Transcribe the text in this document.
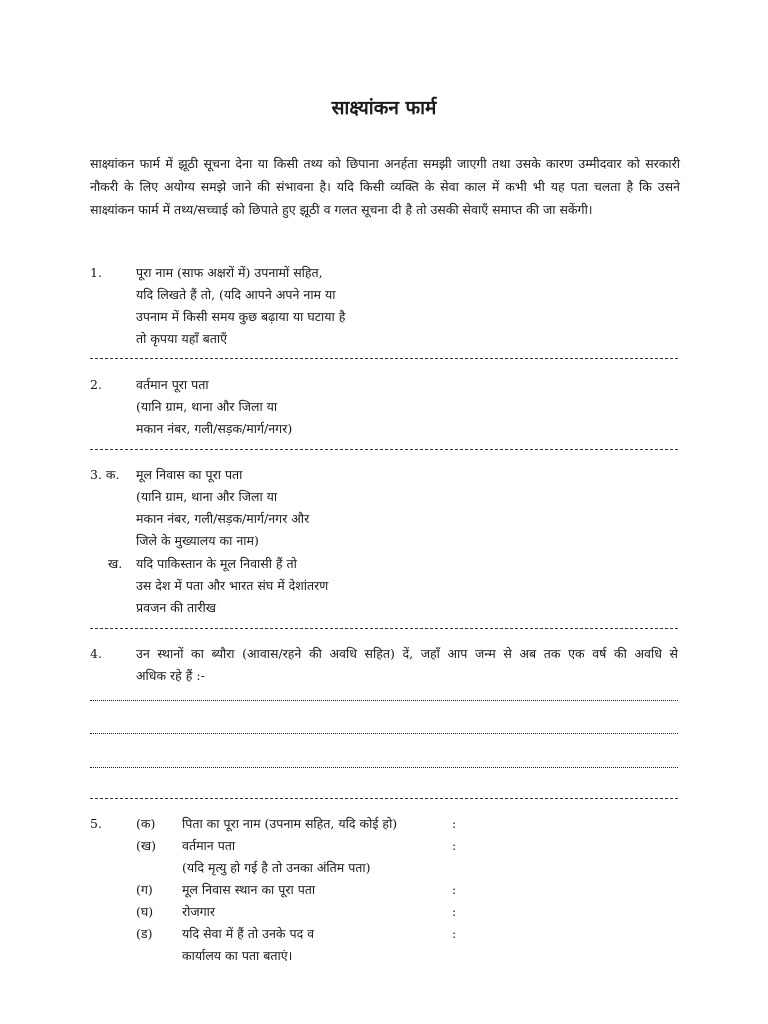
साक्ष्यांकन फार्म
साक्ष्यांकन फार्म में झूठी सूचना देना या किसी तथ्य को छिपाना अनर्हता समझी जाएगी तथा उसके कारण उम्मीदवार को सरकारी नौकरी के लिए अयोग्य समझे जाने की संभावना है। यदि किसी व्यक्ति के सेवा काल में कभी भी यह पता चलता है कि उसने साक्ष्यांकन फार्म में तथ्य/सच्चाई को छिपाते हुए झूठी व गलत सूचना दी है तो उसकी सेवाएँ समाप्त की जा सकेंगी।
1.	पूरा नाम (साफ अक्षरों में) उपनामों सहित,
यदि लिखते हैं तो, (यदि आपने अपने नाम या
उपनाम में किसी समय कुछ बढ़ाया या घटाया है
तो कृपया यहाँ बताएँ
2.	वर्तमान पूरा पता
(यानि ग्राम, थाना और जिला या
मकान नंबर, गली/सड़क/मार्ग/नगर)
3. क. मूल निवास का पूरा पता
(यानि ग्राम, थाना और जिला या
मकान नंबर, गली/सड़क/मार्ग/नगर और
जिले के मुख्यालय का नाम)
ख. यदि पाकिस्तान के मूल निवासी हैं तो
उस देश में पता और भारत संघ में देशांतरण
प्रवजन की तारीख
4.	उन स्थानों का ब्यौरा (आवास/रहने की अवधि सहित) दें, जहाँ आप जन्म से अब तक एक वर्ष की अवधि से
अधिक रहे हैं :-
5.	(क) पिता का पूरा नाम (उपनाम सहित, यदि कोई हो)	:
(ख) वर्तमान पता	:
(यदि मृत्यु हो गई है तो उनका अंतिम पता)
(ग) मूल निवास स्थान का पूरा पता	:
(घ) रोजगार	:
(ड) यदि सेवा में हैं तो उनके पद व	:
कार्यालय का पता बताएं।
